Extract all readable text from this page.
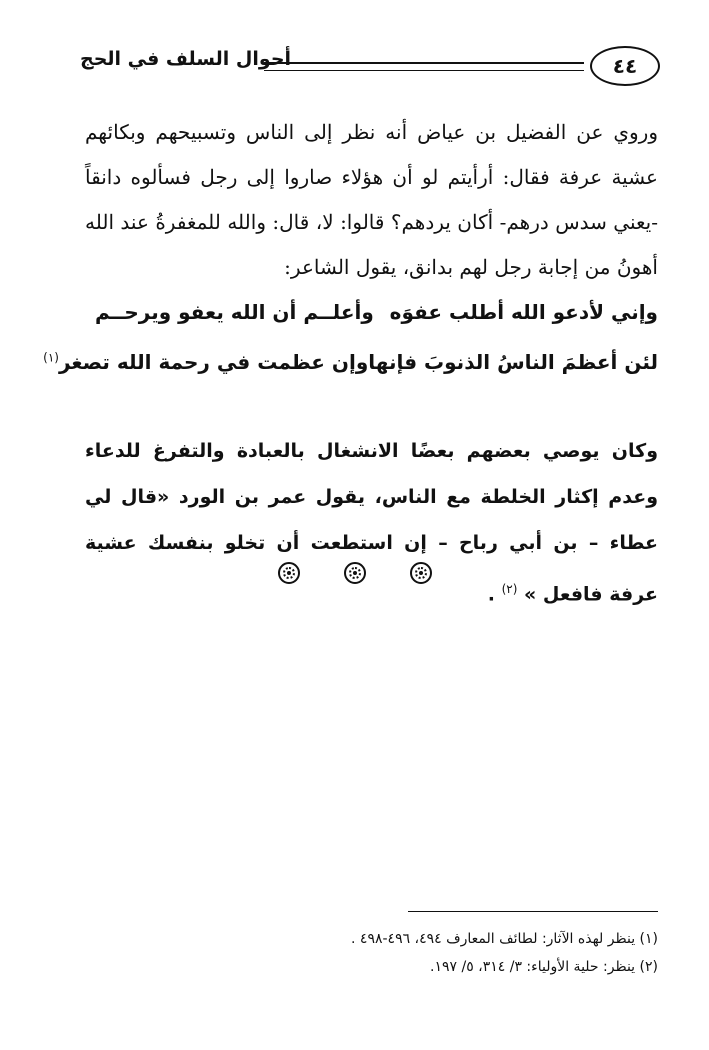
٤٤
أحوال السلف في الحج

وروي عن الفضيل بن عياض أنه نظر إلى الناس وتسبيحهم وبكائهم عشية عرفة فقال: أرأيتم لو أن هؤلاء صاروا إلى رجل فسألوه دانقاً -يعني سدس درهم- أكان يردهم؟ قالوا: لا، قال: والله للمغفرةُ عند الله أهونُ من إجابة رجل لهم بدانق، يقول الشاعر:

وإني لأدعو الله أطلب عفوَه
وأعلــم أن الله يعفو ويرحــم
لئن أعظمَ الناسُ الذنوبَ فإنها
وإن عظمت في رحمة الله تصغر$^{(١)}$

وكان يوصي بعضهم بعضًا الانشغال بالعبادة والتفرغ للدعاء وعدم إكثار الخلطة مع الناس، يقول عمر بن الورد «قال لي عطاء – بن أبي رباح – إن استطعت أن تخلو بنفسك عشية عرفة فافعل » $^{(٢)}$ .

(١) ينظر لهذه الآثار: لطائف المعارف ٤٩٤، ٤٩٦-٤٩٨ .

(٢) ينظر: حلية الأولياء: ٣/ ٣١٤، ٥/ ١٩٧.
